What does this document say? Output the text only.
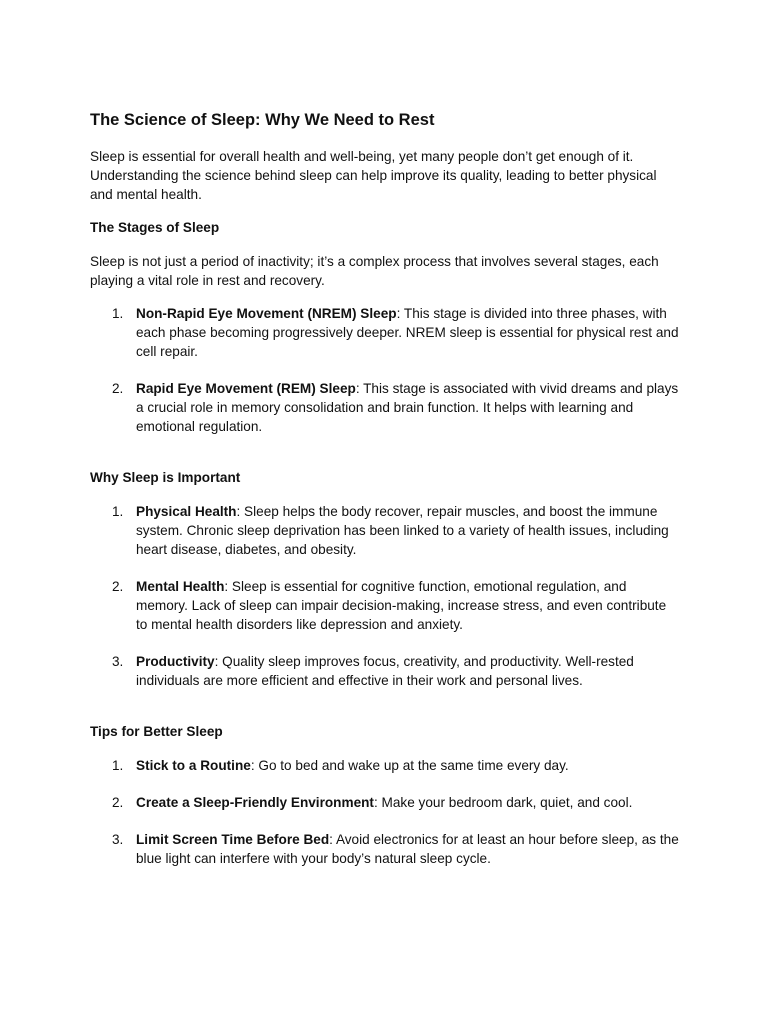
The Science of Sleep: Why We Need to Rest

Sleep is essential for overall health and well-being, yet many people don’t get enough of it. Understanding the science behind sleep can help improve its quality, leading to better physical and mental health.

The Stages of Sleep

Sleep is not just a period of inactivity; it’s a complex process that involves several stages, each playing a vital role in rest and recovery.

1. Non-Rapid Eye Movement (NREM) Sleep: This stage is divided into three phases, with each phase becoming progressively deeper. NREM sleep is essential for physical rest and cell repair.
2. Rapid Eye Movement (REM) Sleep: This stage is associated with vivid dreams and plays a crucial role in memory consolidation and brain function. It helps with learning and emotional regulation.
Why Sleep is Important
1. Physical Health: Sleep helps the body recover, repair muscles, and boost the immune system. Chronic sleep deprivation has been linked to a variety of health issues, including heart disease, diabetes, and obesity.
2. Mental Health: Sleep is essential for cognitive function, emotional regulation, and memory. Lack of sleep can impair decision-making, increase stress, and even contribute to mental health disorders like depression and anxiety.
3. Productivity: Quality sleep improves focus, creativity, and productivity. Well-rested individuals are more efficient and effective in their work and personal lives.
Tips for Better Sleep
1. Stick to a Routine: Go to bed and wake up at the same time every day.
2. Create a Sleep-Friendly Environment: Make your bedroom dark, quiet, and cool.
3. Limit Screen Time Before Bed: Avoid electronics for at least an hour before sleep, as the blue light can interfere with your body’s natural sleep cycle.
